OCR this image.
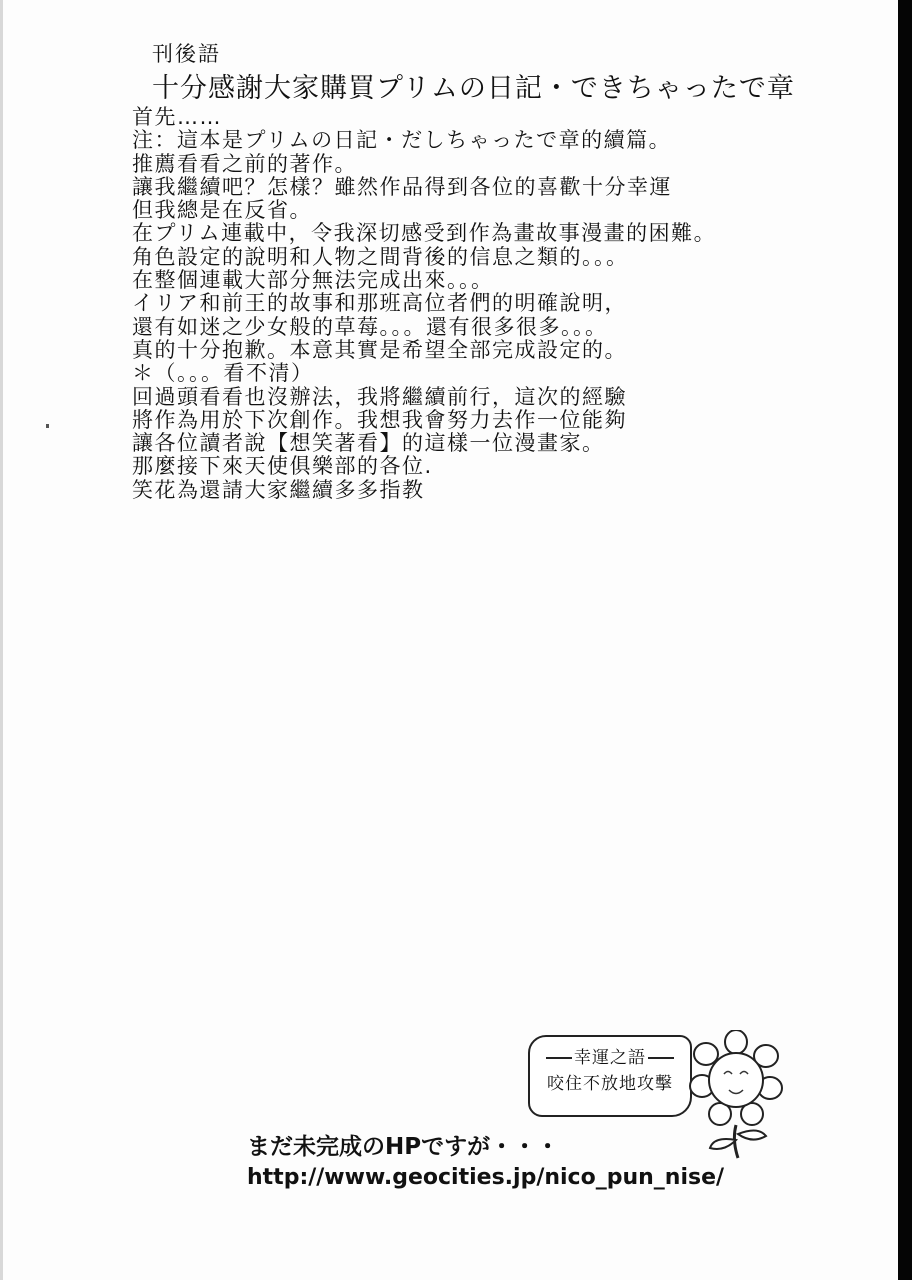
刊後語
十分感謝大家購買プリムの日記・できちゃったで章
首先……
注：這本是プリムの日記・だしちゃったで章的續篇。
推薦看看之前的著作。
讓我繼續吧？怎樣？雖然作品得到各位的喜歡十分幸運
但我總是在反省。
在プリム連載中，令我深切感受到作為畫故事漫畫的困難。
角色設定的說明和人物之間背後的信息之類的。。。
在整個連載大部分無法完成出來。。。
イリア和前王的故事和那班高位者們的明確說明，
還有如迷之少女般的草莓。。。還有很多很多。。。
真的十分抱歉。本意其實是希望全部完成設定的。
＊（。。。看不清）
回過頭看看也沒辦法，我將繼續前行，這次的經驗
將作為用於下次創作。我想我會努力去作一位能夠
讓各位讀者說【想笑著看】的這樣一位漫畫家。
那麼接下來天使俱樂部的各位.
笑花為還請大家繼續多多指教
幸運之語
咬住不放地攻擊
まだ未完成のHPですが・・・
http://www.geocities.jp/nico_pun_nise/
